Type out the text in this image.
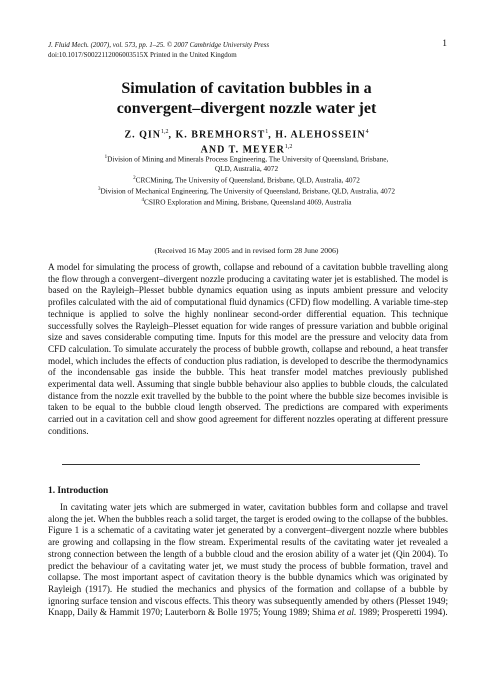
J. Fluid Mech. (2007), vol. 573, pp. 1–25. © 2007 Cambridge University Press
doi:10.1017/S0022112006003515X Printed in the United Kingdom
1
Simulation of cavitation bubbles in a
convergent–divergent nozzle water jet
Z. QIN$^{1,2}$, K. BREMHORST$^1$, H. ALEHOSSEIN$^4$
AND T. MEYER$^{1,2}$
$^1$Division of Mining and Minerals Process Engineering, The University of Queensland, Brisbane,
QLD, Australia, 4072
$^2$CRCMining, The University of Queensland, Brisbane, QLD, Australia, 4072
$^3$Division of Mechanical Engineering, The University of Queensland, Brisbane, QLD, Australia, 4072
$^4$CSIRO Exploration and Mining, Brisbane, Queensland 4069, Australia
(Received 16 May 2005 and in revised form 28 June 2006)
A model for simulating the process of growth, collapse and rebound of a cavitation bubble travelling along the flow through a convergent–divergent nozzle producing a cavitating water jet is established. The model is based on the Rayleigh–Plesset bubble dynamics equation using as inputs ambient pressure and velocity profiles calculated with the aid of computational fluid dynamics (CFD) flow modelling. A variable time-step technique is applied to solve the highly nonlinear second-order differential equation. This technique successfully solves the Rayleigh–Plesset equation for wide ranges of pressure variation and bubble original size and saves considerable computing time. Inputs for this model are the pressure and velocity data from CFD calculation. To simulate accurately the process of bubble growth, collapse and rebound, a heat transfer model, which includes the effects of conduction plus radiation, is developed to describe the thermodynamics of the incondensable gas inside the bubble. This heat transfer model matches previously published experimental data well. Assuming that single bubble behaviour also applies to bubble clouds, the calculated distance from the nozzle exit travelled by the bubble to the point where the bubble size becomes invisible is taken to be equal to the bubble cloud length observed. The predictions are compared with experiments carried out in a cavitation cell and show good agreement for different nozzles operating at different pressure conditions.
1. Introduction
In cavitating water jets which are submerged in water, cavitation bubbles form and collapse and travel along the jet. When the bubbles reach a solid target, the target is eroded owing to the collapse of the bubbles. Figure 1 is a schematic of a cavitating water jet generated by a convergent–divergent nozzle where bubbles are growing and collapsing in the flow stream. Experimental results of the cavitating water jet revealed a strong connection between the length of a bubble cloud and the erosion ability of a water jet (Qin 2004). To predict the behaviour of a cavitating water jet, we must study the process of bubble formation, travel and collapse. The most important aspect of cavitation theory is the bubble dynamics which was originated by Rayleigh (1917). He studied the mechanics and physics of the formation and collapse of a bubble by ignoring surface tension and viscous effects. This theory was subsequently amended by others (Plesset 1949; Knapp, Daily & Hammit 1970; Lauterborn & Bolle 1975; Young 1989; Shima et al. 1989; Prosperetti 1994).
